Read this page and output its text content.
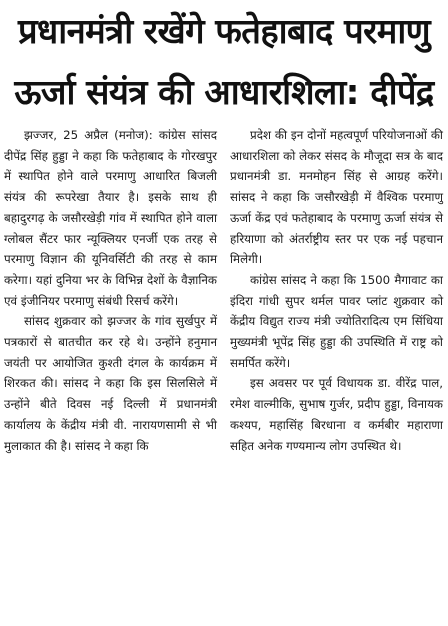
प्रधानमंत्री रखेंगे फतेहाबाद परमाणु
ऊर्जा संयंत्र की आधारशिला: दीपेंद्र

झज्जर, 25 अप्रैल (मनोज): कांग्रेस सांसद दीपेंद्र सिंह हुड्डा ने कहा कि फतेहाबाद के गोरखपुर में स्थापित होने वाले परमाणु आधारित बिजली संयंत्र की रूपरेखा तैयार है। इसके साथ ही बहादुरगढ़ के जसौरखेड़ी गांव में स्थापित होने वाला ग्लोबल सैंटर फार न्यूक्लियर एनर्जी एक तरह से परमाणु विज्ञान की यूनिवर्सिटी की तरह से काम करेगा। यहां दुनिया भर के विभिन्न देशों के वैज्ञानिक एवं इंजीनियर परमाणु संबंधी रिसर्च करेंगे।

सांसद शुक्रवार को झज्जर के गांव सुर्खपुर में पत्रकारों से बातचीत कर रहे थे। उन्होंने हनुमान जयंती पर आयोजित कुश्ती दंगल के कार्यक्रम में शिरकत की। सांसद ने कहा कि इस सिलसिले में उन्होंने बीते दिवस नई दिल्ली में प्रधानमंत्री कार्यालय के केंद्रीय मंत्री वी. नारायणसामी से भी मुलाकात की है। सांसद ने कहा कि

प्रदेश की इन दोनों महत्वपूर्ण परियोजनाओं की आधारशिला को लेकर संसद के मौजूदा सत्र के बाद प्रधानमंत्री डा. मनमोहन सिंह से आग्रह करेंगे। सांसद ने कहा कि जसौरखेड़ी में वैश्विक परमाणु ऊर्जा केंद्र एवं फतेहाबाद के परमाणु ऊर्जा संयंत्र से हरियाणा को अंतर्राष्ट्रीय स्तर पर एक नई पहचान मिलेगी।

कांग्रेस सांसद ने कहा कि 1500 मैगावाट का इंदिरा गांधी सुपर थर्मल पावर प्लांट शुक्रवार को केंद्रीय विद्युत राज्य मंत्री ज्योतिरादित्य एम सिंधिया मुख्यमंत्री भूपेंद्र सिंह हुड्डा की उपस्थिति में राष्ट्र को समर्पित करेंगे।

इस अवसर पर पूर्व विधायक डा. वीरेंद्र पाल, रमेश वाल्मीकि, सुभाष गुर्जर, प्रदीप हुड्डा, विनायक कश्यप, महासिंह बिरधाना व कर्मबीर महाराणा सहित अनेक गण्यमान्य लोग उपस्थित थे।
